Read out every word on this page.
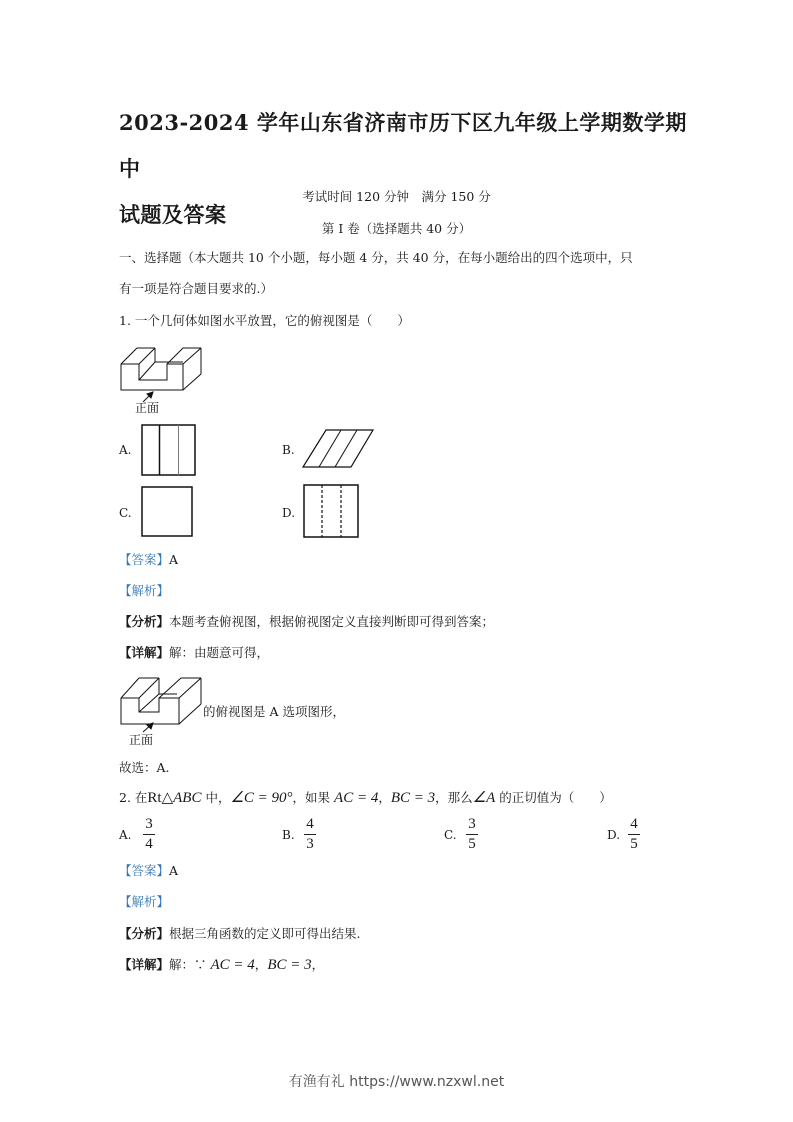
2023-2024 学年山东省济南市历下区九年级上学期数学期中
试题及答案
考试时间 120 分钟　满分 150 分
第 I 卷（选择题共 40 分）
一、选择题（本大题共 10 个小题，每小题 4 分，共 40 分，在每小题给出的四个选项中，只
有一项是符合题目要求的.）
1. 一个几何体如图水平放置，它的俯视图是（　　）
正面
A.	B.
C.	D.
【答案】A
【解析】
【分析】本题考查俯视图，根据俯视图定义直接判断即可得到答案；
【详解】解：由题意可得，
正面
的俯视图是 A 选项图形，
故选：A.
2. 在Rt△ABC 中，∠C = 90°，如果 AC = 4，BC = 3，那么∠A 的正切值为（　　）
A.
3
4
B.
4
3
C.
3
5
D.
4
5
【答案】A
【解析】
【分析】根据三角函数的定义即可得出结果.
【详解】解：∵ AC = 4，BC = 3，
有渔有礼 https://www.nzxwl.net
